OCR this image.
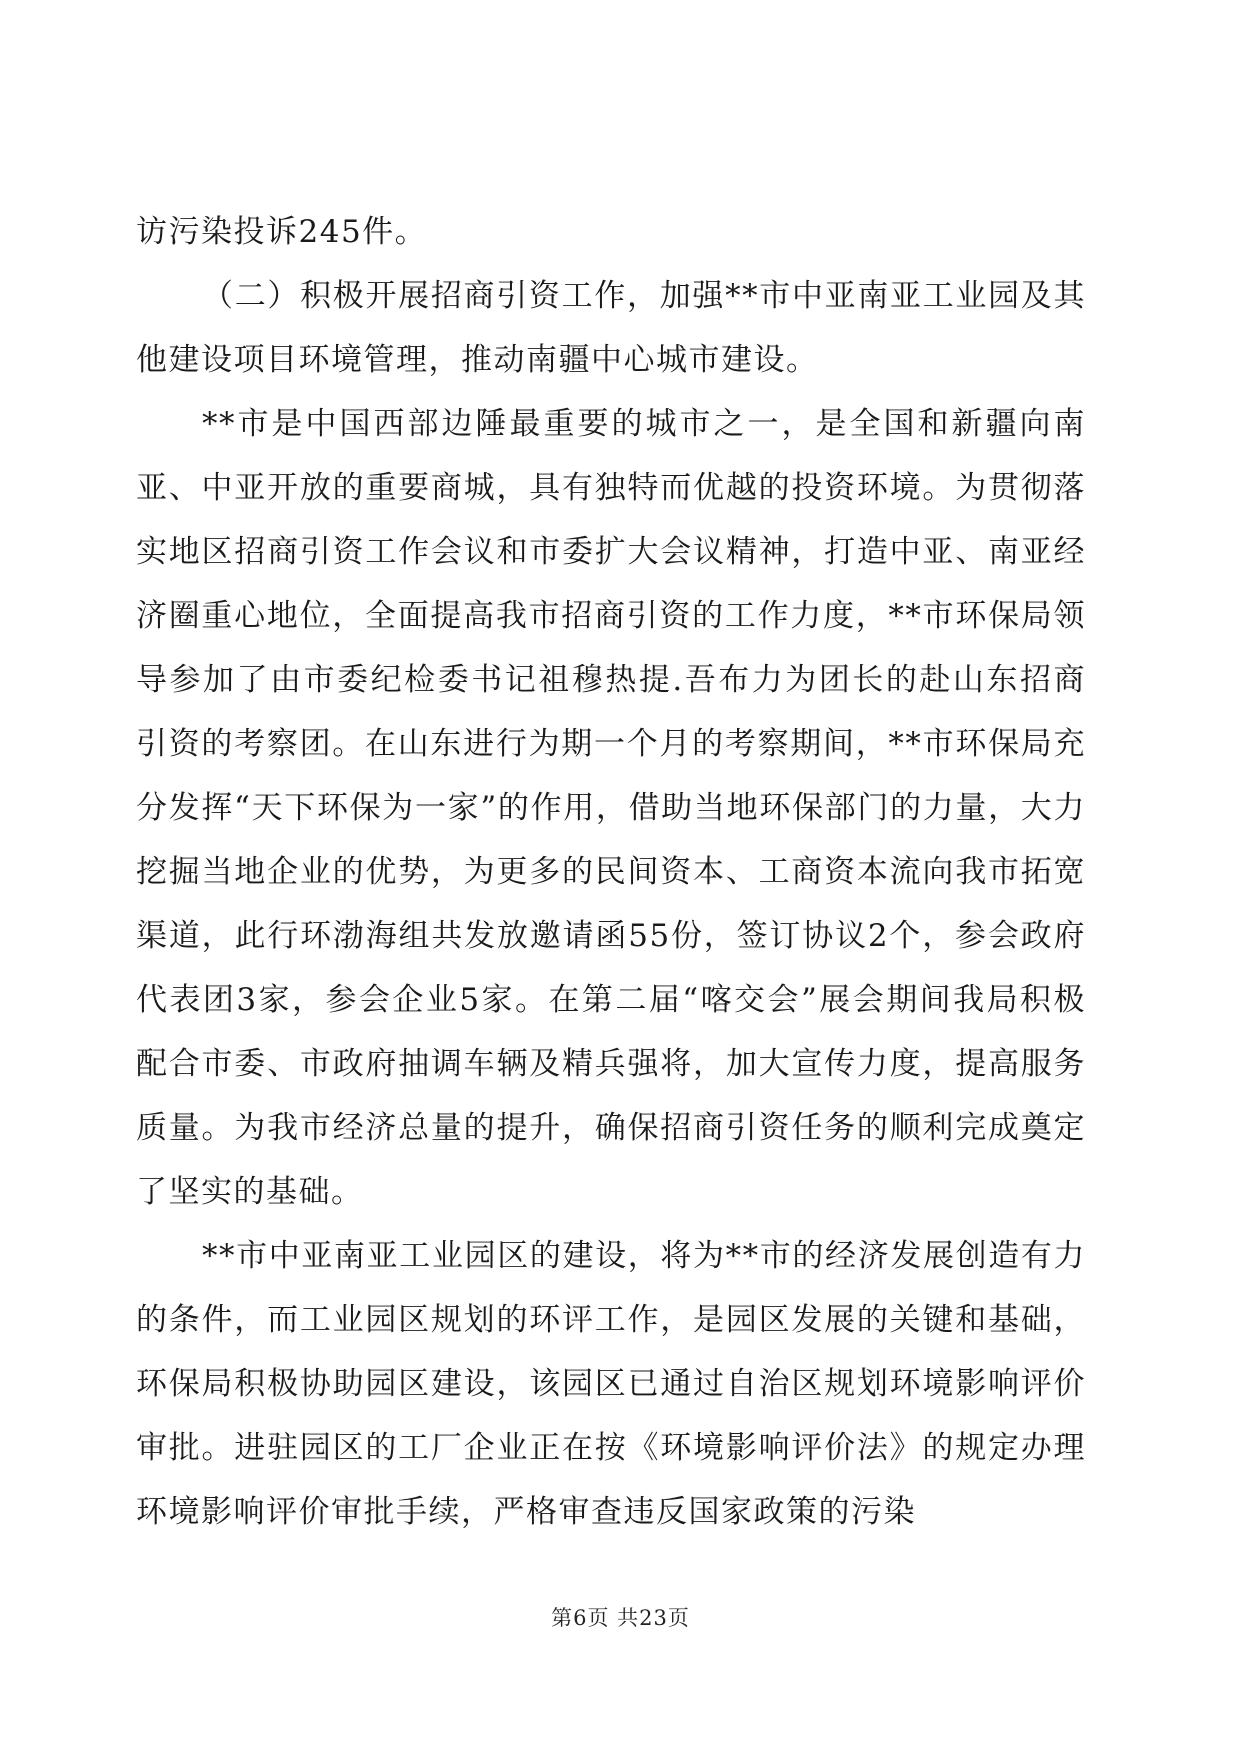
访污染投诉245件。

（二）积极开展招商引资工作，加强**市中亚南亚工业园及其他建设项目环境管理，推动南疆中心城市建设。

**市是中国西部边陲最重要的城市之一，是全国和新疆向南亚、中亚开放的重要商城，具有独特而优越的投资环境。为贯彻落实地区招商引资工作会议和市委扩大会议精神，打造中亚、南亚经济圈重心地位，全面提高我市招商引资的工作力度，**市环保局领导参加了由市委纪检委书记祖穆热提.吾布力为团长的赴山东招商引资的考察团。在山东进行为期一个月的考察期间，**市环保局充分发挥“天下环保为一家”的作用，借助当地环保部门的力量，大力挖掘当地企业的优势，为更多的民间资本、工商资本流向我市拓宽渠道，此行环渤海组共发放邀请函55份，签订协议2个，参会政府代表团3家，参会企业5家。在第二届“喀交会”展会期间我局积极配合市委、市政府抽调车辆及精兵强将，加大宣传力度，提高服务质量。为我市经济总量的提升，确保招商引资任务的顺利完成奠定了坚实的基础。

**市中亚南亚工业园区的建设，将为**市的经济发展创造有力的条件，而工业园区规划的环评工作，是园区发展的关键和基础，环保局积极协助园区建设，该园区已通过自治区规划环境影响评价审批。进驻园区的工厂企业正在按《环境影响评价法》的规定办理环境影响评价审批手续，严格审查违反国家政策的污染

第6页 共23页
